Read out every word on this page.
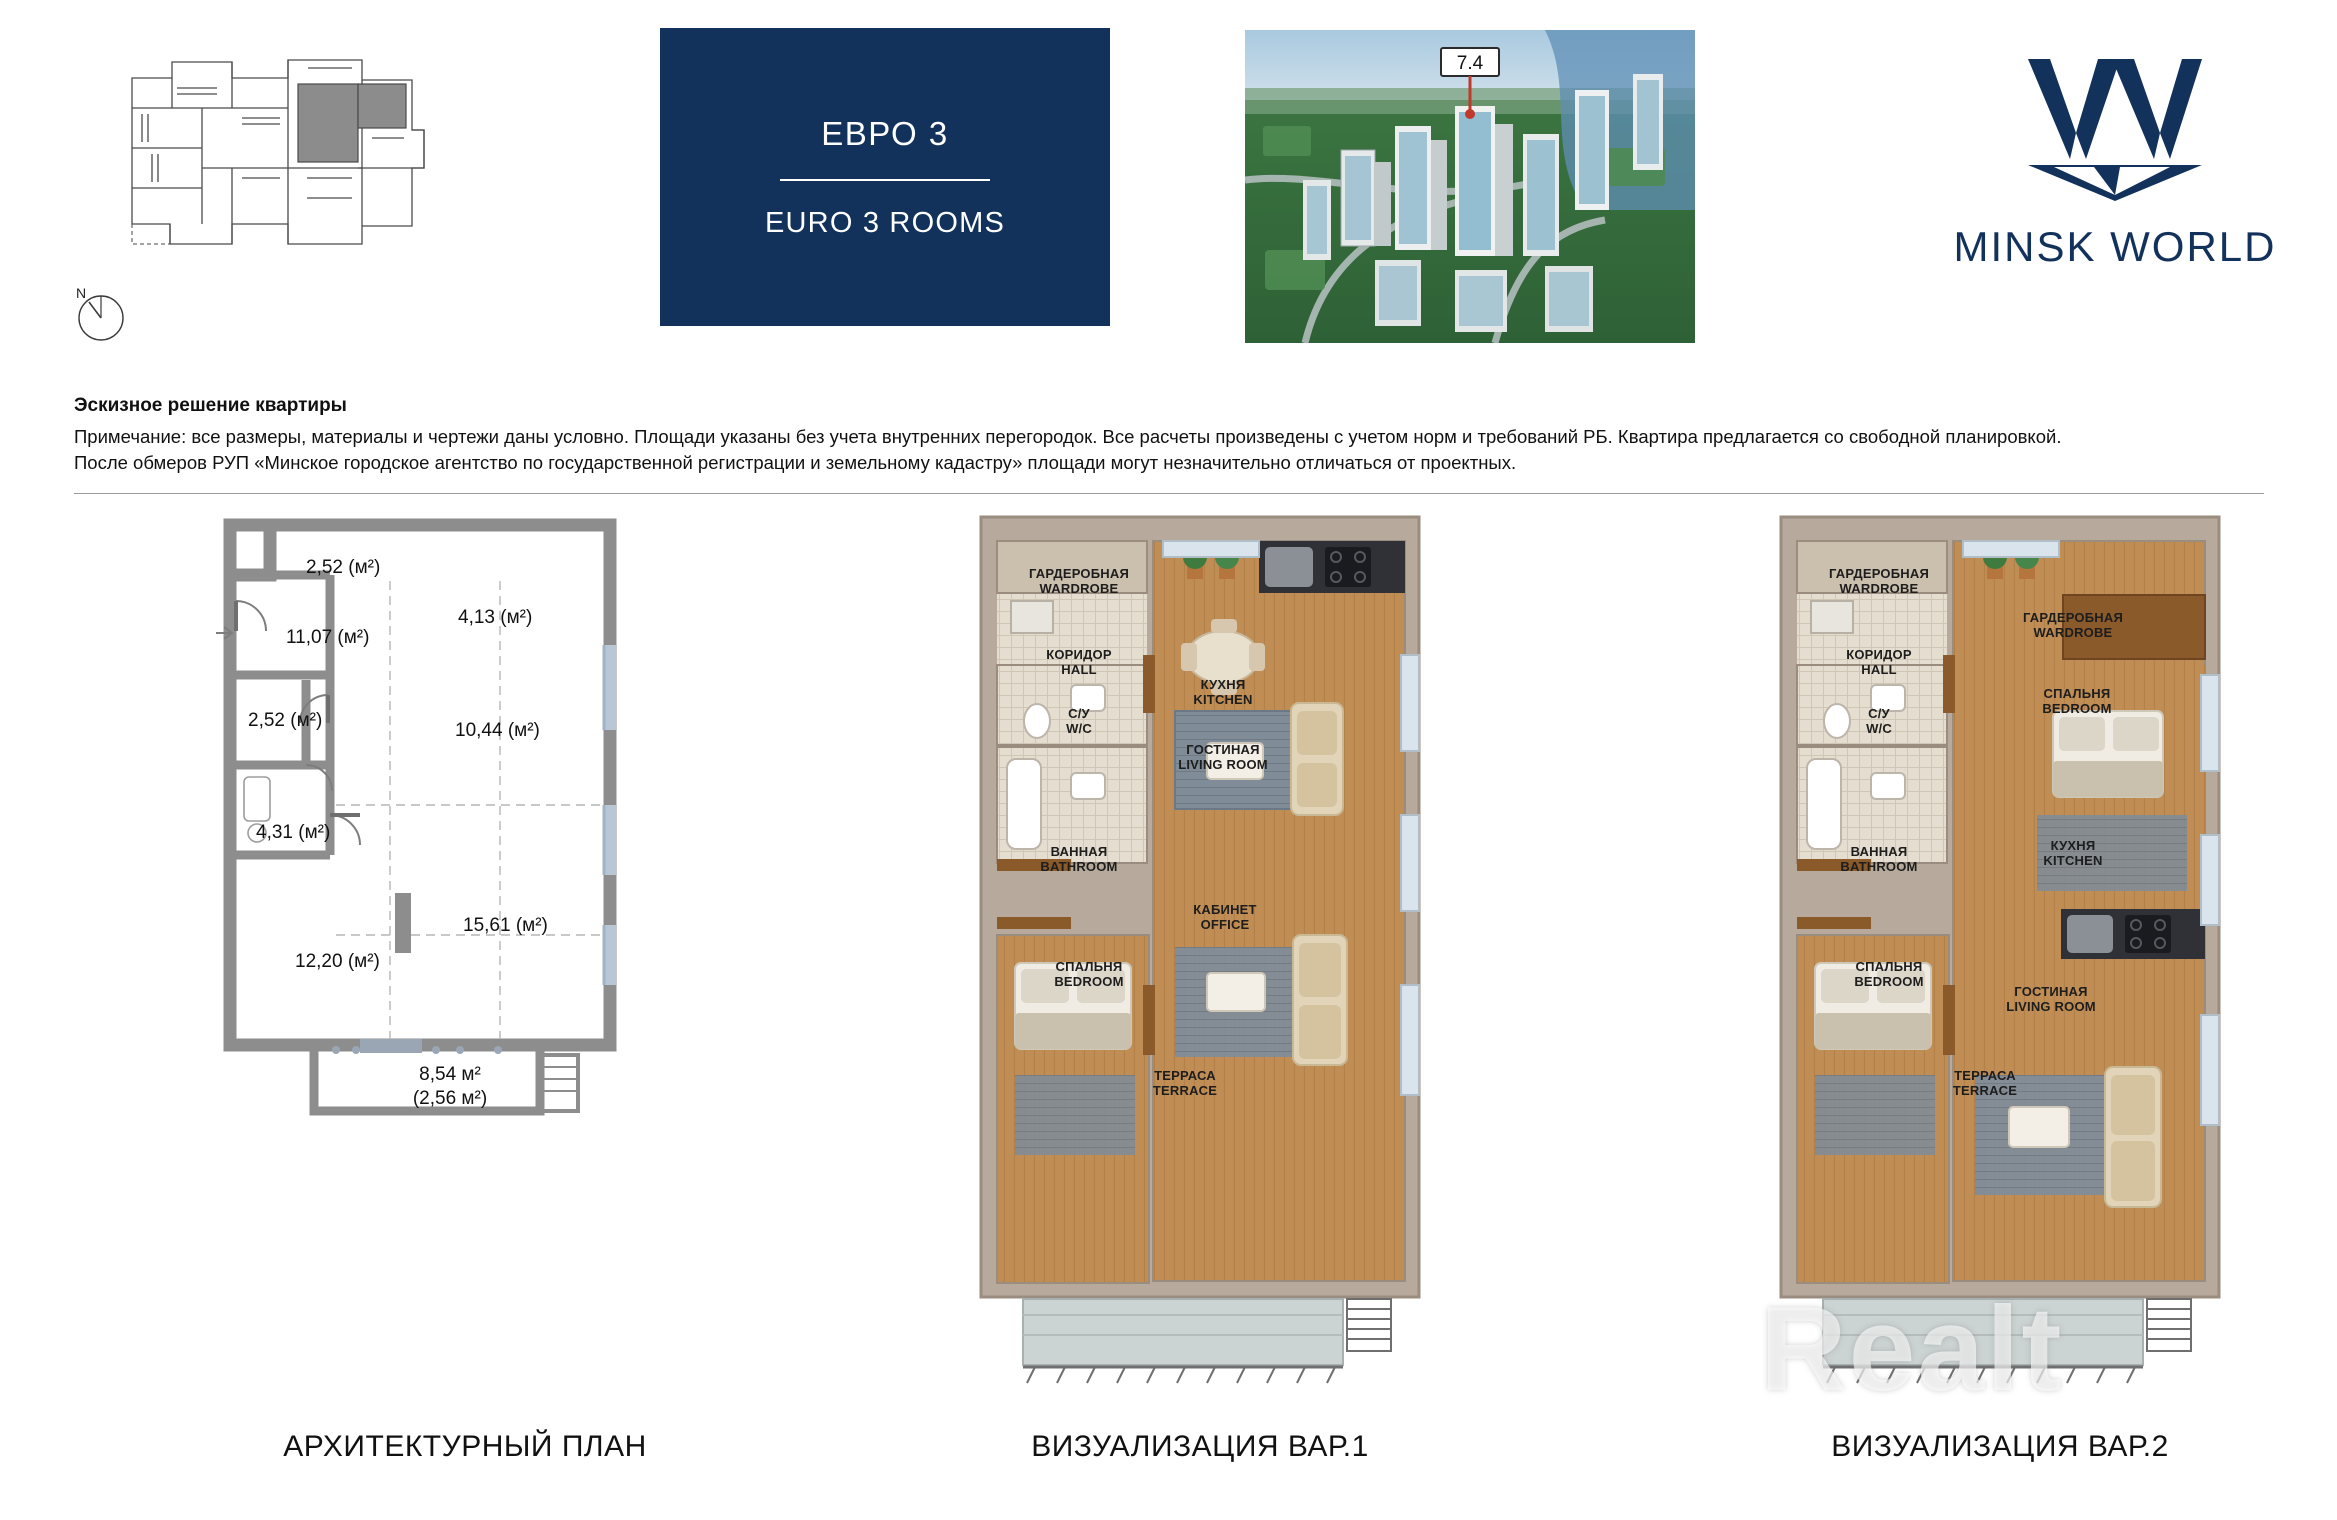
N
ЕВРО 3
EURO 3 ROOMS
7.4
MINSK WORLD
Эскизное решение квартиры
Примечание: все размеры, материалы и чертежи даны условно. Площади указаны без учета внутренних перегородок. Все расчеты произведены с учетом норм и требований РБ. Квартира предлагается со свободной планировкой.
После обмеров РУП «Минское городское агентство по государственной регистрации и земельному кадастру» площади могут незначительно отличаться от проектных.
2,52 (м²)
11,07 (м²)
4,13 (м²)
2,52 (м²)	10,44 (м²)
4,31 (м²)
15,61 (м²)
12,20 (м²)
8,54 м²
(2,56 м²)
АРХИТЕКТУРНЫЙ ПЛАН
ГАРДЕРОБНАЯ
WARDROBE
КОРИДОР
HALL
С/У
W/C
КУХНЯ
KITCHEN
ГОСТИНАЯ
LIVING ROOM
ВАННАЯ
BATHROOM
КАБИНЕТ
OFFICE
СПАЛЬНЯ
BEDROOM
ТЕРРАСА
TERRACE
ВИЗУАЛИЗАЦИЯ ВАР.1
ГАРДЕРОБНАЯ
WARDROBE
КОРИДОР
HALL
ГАРДЕРОБНАЯ
WARDROBE
С/У
W/C
СПАЛЬНЯ
BEDROOM
ВАННАЯ
BATHROOM
КУХНЯ
KITCHEN
СПАЛЬНЯ
BEDROOM
ГОСТИНАЯ
LIVING ROOM
ТЕРРАСА
TERRACE
ВИЗУАЛИЗАЦИЯ ВАР.2
Realt
